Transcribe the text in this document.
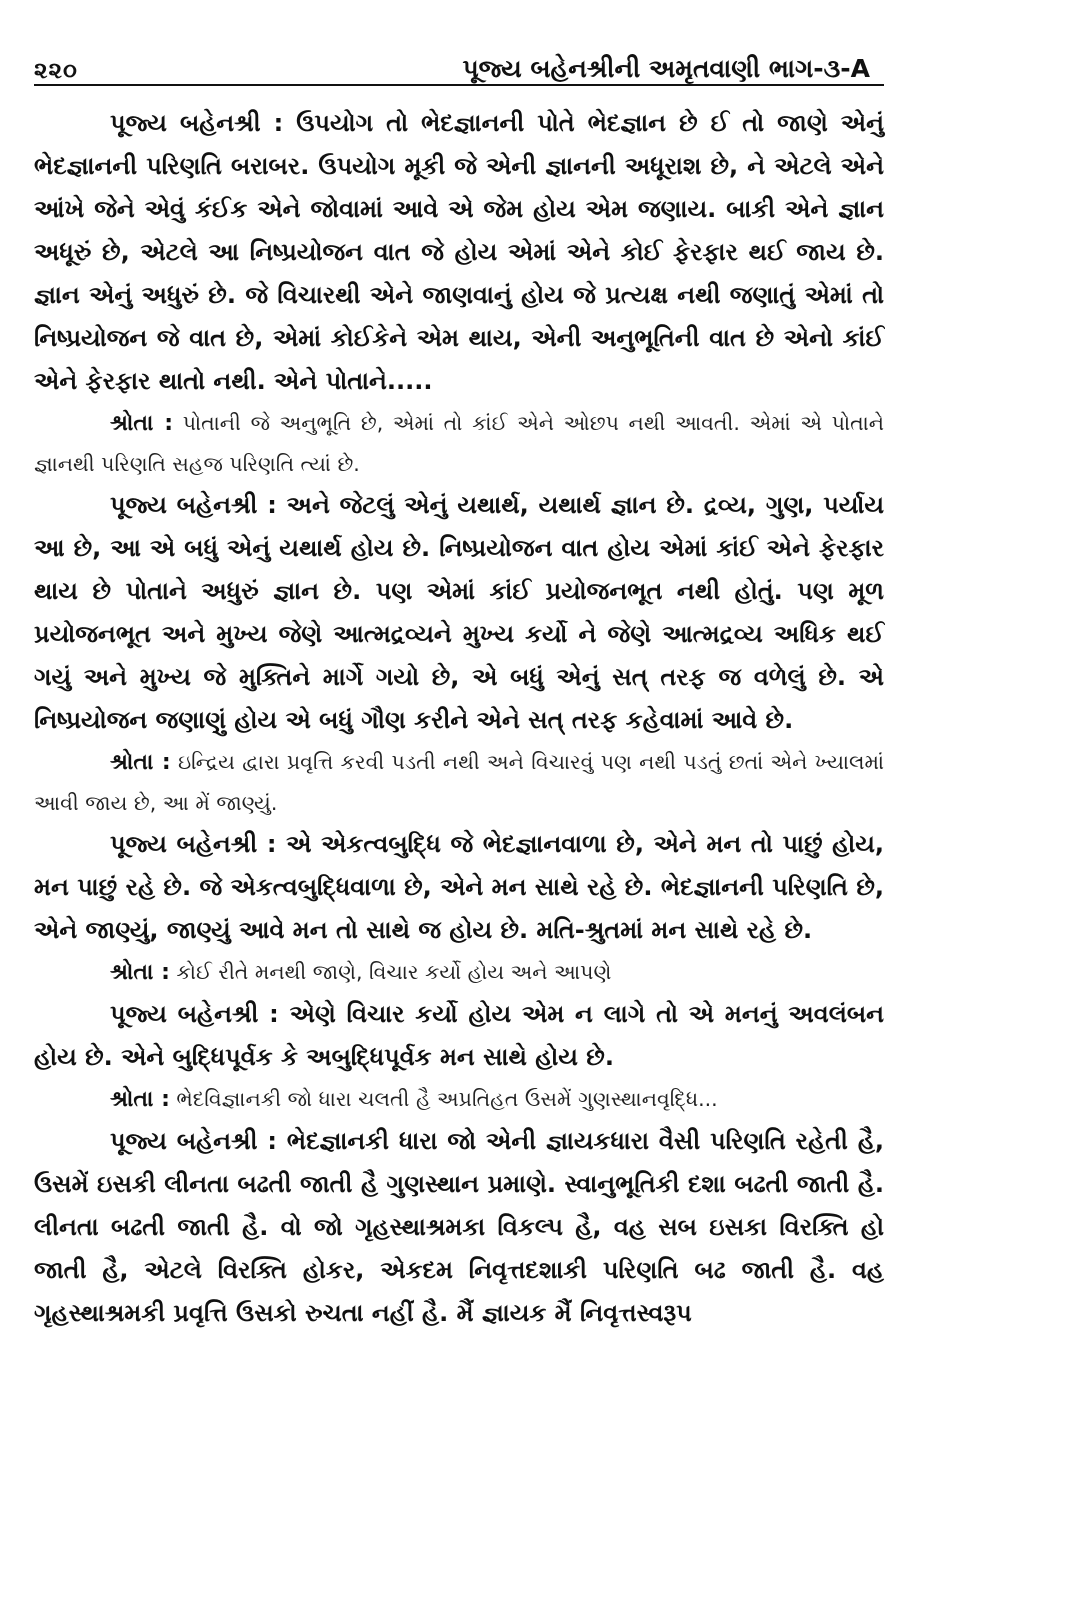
૨૨૦	પૂજ્ય બહેનશ્રીની અમૃતવાણી ભાગ-૩-A

પૂજ્ય બહેનશ્રી : ઉપયોગ તો ભેદજ્ઞાનની પોતે ભેદજ્ઞાન છે ઈ તો જાણે એનું ભેદજ્ઞાનની પરિણતિ બરાબર. ઉપયોગ મૂકી જે એની જ્ઞાનની અધૂરાશ છે, ને એટલે એને આંખે જેને એવું કંઈક એને જોવામાં આવે એ જેમ હોય એમ જણાય. બાકી એને જ્ઞાન અધૂરું છે, એટલે આ નિષ્પ્રયોજન વાત જે હોય એમાં એને કોઈ ફેરફાર થઈ જાય છે. જ્ઞાન એનું અધુરું છે. જે વિચારથી એને જાણવાનું હોય જે પ્રત્યક્ષ નથી જણાતું એમાં તો નિષ્પ્રયોજન જે વાત છે, એમાં કોઈકેને એમ થાય, એની અનુભૂતિની વાત છે એનો કાંઈ એને ફેરફાર થાતો નથી. એને પોતાને.....

શ્રોતા : પોતાની જે અનુભૂતિ છે, એમાં તો કાંઈ એને ઓછપ નથી આવતી. એમાં એ પોતાને જ્ઞાનથી પરિણતિ સહજ પરિણતિ ત્યાં છે.

પૂજ્ય બહેનશ્રી : અને જેટલું એનું યથાર્થ, યથાર્થ જ્ઞાન છે. દ્રવ્ય, ગુણ, પર્યાય આ છે, આ એ બધું એનું યથાર્થ હોય છે. નિષ્પ્રયોજન વાત હોય એમાં કાંઈ એને ફેરફાર થાય છે પોતાને અધુરું જ્ઞાન છે. પણ એમાં કાંઈ પ્રયોજનભૂત નથી હોતું. પણ મૂળ પ્રયોજનભૂત અને મુખ્ય જેણે આત્મદ્રવ્યને મુખ્ય કર્યો ને જેણે આત્મદ્રવ્ય અધિક થઈ ગયું અને મુખ્ય જે મુક્તિને માર્ગે ગયો છે, એ બધું એનું સત્ તરફ જ વળેલું છે. એ નિષ્પ્રયોજન જણાણું હોય એ બધું ગૌણ કરીને એને સત્ તરફ કહેવામાં આવે છે.

શ્રોતા : ઇન્દ્રિય દ્વારા પ્રવૃત્તિ કરવી પડતી નથી અને વિચારવું પણ નથી પડતું છતાં એને ખ્યાલમાં આવી જાય છે, આ મેં જાણ્યું.

પૂજ્ય બહેનશ્રી : એ એકત્વબુદ્ધિ જે ભેદજ્ઞાનવાળા છે, એને મન તો પાછું હોય, મન પાછું રહે છે. જે એકત્વબુદ્ધિવાળા છે, એને મન સાથે રહે છે. ભેદજ્ઞાનની પરિણતિ છે, એને જાણ્યું, જાણ્યું આવે મન તો સાથે જ હોય છે. મતિ-શ્રુતમાં મન સાથે રહે છે.

શ્રોતા : કોઈ રીતે મનથી જાણે, વિચાર કર્યો હોય અને આપણે

પૂજ્ય બહેનશ્રી : એણે વિચાર કર્યો હોય એમ ન લાગે તો એ મનનું અવલંબન હોય છે. એને બુદ્ધિપૂર્વક કે અબુદ્ધિપૂર્વક મન સાથે હોય છે.

શ્રોતા : ભેદવિજ્ઞાનકી જો ધારા ચલતી હૈ અપ્રતિહત ઉસમેં ગુણસ્થાનવૃદ્ધિ...

પૂજ્ય બહેનશ્રી : ભેદજ્ઞાનકી ધારા જો એની જ્ઞાયકધારા વૈસી પરિણતિ રહેતી હૈ, ઉસમેં ઇસકી લીનતા બઢતી જાતી હૈ ગુણસ્થાન પ્રમાણે. સ્વાનુભૂતિકી દશા બઢતી જાતી હૈ. લીનતા બઢતી જાતી હૈ. વો જો ગૃહસ્થાશ્રમકા વિકલ્પ હૈ, વહ સબ ઇસકા વિરક્તિ હો જાતી હૈ, એટલે વિરક્તિ હોકર, એકદમ નિવૃત્તદશાકી પરિણતિ બઢ જાતી હૈ. વહ ગૃહસ્થાશ્રમકી પ્રવૃત્તિ ઉસકો રુચતા નહીં હૈ. મૈં જ્ઞાયક મૈં નિવૃત્તસ્વરૂપ
